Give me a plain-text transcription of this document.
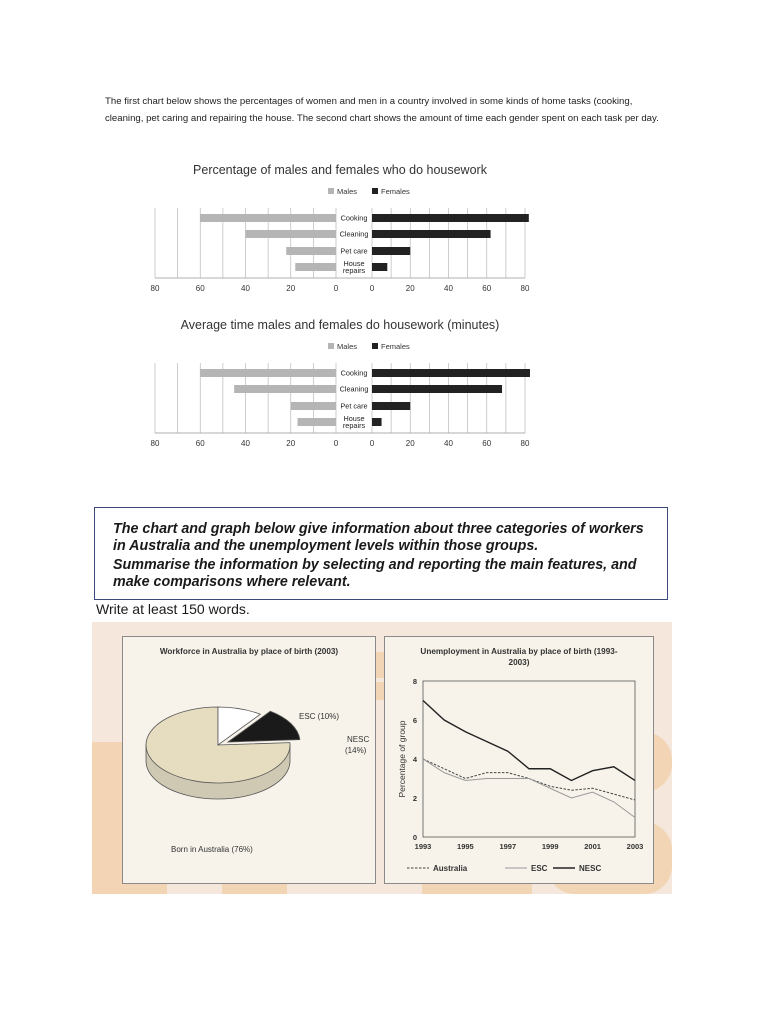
The first chart below shows the percentages of women and men in a country involved in some kinds of home tasks (cooking, cleaning, pet caring and repairing the house. The second chart shows the amount of time each gender spent on each task per day.

Percentage of males and females who do housework
Males	Females
Cooking
Cleaning
Pet care
House
repairs
80	60	40	20	0	0	20	40	60	80
Average time males and females do housework (minutes)
Males	Females
Cooking
Cleaning
Pet care
House
repairs
80	60	40	20	0	0	20	40	60	80

The chart and graph below give information about three categories of workers in Australia and the unemployment levels within those groups.

Summarise the information by selecting and reporting the main features, and make comparisons where relevant.

Write at least 150 words.

Workforce in Australia by place of birth (2003)

ESC (10%)
NESC
(14%)
Born in Australia (76%)

Unemployment in Australia by place of birth (1993-2003)

0
2
4
6
8
1993	1995	1997	1999	2001	2003
Percentage of group
Australia	ESC	NESC
